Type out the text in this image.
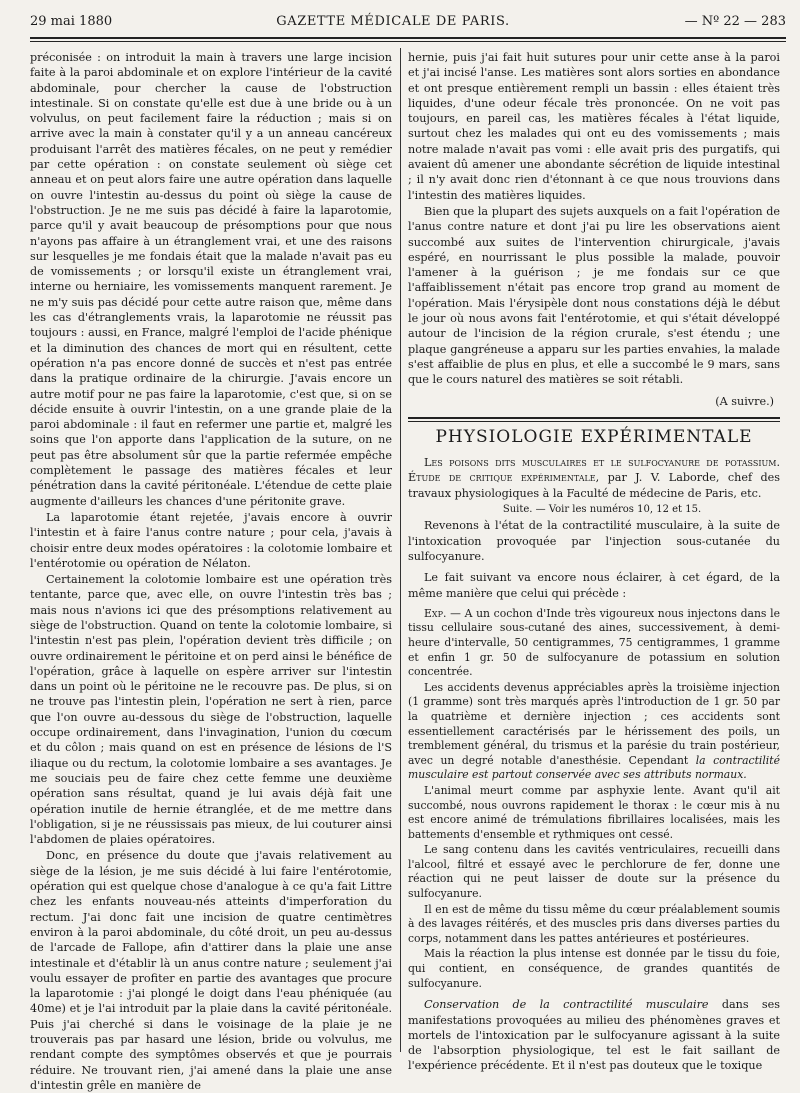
29 mai 1880	GAZETTE MÉDICALE DE PARIS.	— Nº 22 — 283

préconisée : on introduit la main à travers une large incision faite à la paroi abdominale et on explore l'intérieur de la cavité abdominale, pour chercher la cause de l'obstruction intestinale. Si on constate qu'elle est due à une bride ou à un volvulus, on peut facilement faire la réduction ; mais si on arrive avec la main à constater qu'il y a un anneau cancéreux produisant l'arrêt des matières fécales, on ne peut y remédier par cette opération : on constate seulement où siège cet anneau et on peut alors faire une autre opération dans laquelle on ouvre l'intestin au-dessus du point où siège la cause de l'obstruction. Je ne me suis pas décidé à faire la laparotomie, parce qu'il y avait beaucoup de présomptions pour que nous n'ayons pas affaire à un étranglement vrai, et une des raisons sur lesquelles je me fondais était que la malade n'avait pas eu de vomissements ; or lorsqu'il existe un étranglement vrai, interne ou herniaire, les vomissements manquent rarement. Je ne m'y suis pas décidé pour cette autre raison que, même dans les cas d'étranglements vrais, la laparotomie ne réussit pas toujours : aussi, en France, malgré l'emploi de l'acide phénique et la diminution des chances de mort qui en résultent, cette opération n'a pas encore donné de succès et n'est pas entrée dans la pratique ordinaire de la chirurgie. J'avais encore un autre motif pour ne pas faire la laparotomie, c'est que, si on se décide ensuite à ouvrir l'intestin, on a une grande plaie de la paroi abdominale : il faut en refermer une partie et, malgré les soins que l'on apporte dans l'application de la suture, on ne peut pas être absolument sûr que la partie refermée empêche complètement le passage des matières fécales et leur pénétration dans la cavité péritonéale. L'étendue de cette plaie augmente d'ailleurs les chances d'une péritonite grave.

La laparotomie étant rejetée, j'avais encore à ouvrir l'intestin et à faire l'anus contre nature ; pour cela, j'avais à choisir entre deux modes opératoires : la colotomie lombaire et l'entérotomie ou opération de Nélaton.

Certainement la colotomie lombaire est une opération très tentante, parce que, avec elle, on ouvre l'intestin très bas ; mais nous n'avions ici que des présomptions relativement au siège de l'obstruction. Quand on tente la colotomie lombaire, si l'intestin n'est pas plein, l'opération devient très difficile ; on ouvre ordinairement le péritoine et on perd ainsi le bénéfice de l'opération, grâce à laquelle on espère arriver sur l'intestin dans un point où le péritoine ne le recouvre pas. De plus, si on ne trouve pas l'intestin plein, l'opération ne sert à rien, parce que l'on ouvre au-dessous du siège de l'obstruction, laquelle occupe ordinairement, dans l'invagination, l'union du cœcum et du côlon ; mais quand on est en présence de lésions de l'S iliaque ou du rectum, la colotomie lombaire a ses avantages. Je me souciais peu de faire chez cette femme une deuxième opération sans résultat, quand je lui avais déjà fait une opération inutile de hernie étranglée, et de me mettre dans l'obligation, si je ne réussissais pas mieux, de lui couturer ainsi l'abdomen de plaies opératoires.

Donc, en présence du doute que j'avais relativement au siège de la lésion, je me suis décidé à lui faire l'entérotomie, opération qui est quelque chose d'analogue à ce qu'a fait Littre chez les enfants nouveau-nés atteints d'imperforation du rectum. J'ai donc fait une incision de quatre centimètres environ à la paroi abdominale, du côté droit, un peu au-dessus de l'arcade de Fallope, afin d'attirer dans la plaie une anse intestinale et d'établir là un anus contre nature ; seulement j'ai voulu essayer de profiter en partie des avantages que procure la laparotomie : j'ai plongé le doigt dans l'eau phéniquée (au 40me) et je l'ai introduit par la plaie dans la cavité péritonéale. Puis j'ai cherché si dans le voisinage de la plaie je ne trouverais pas par hasard une lésion, bride ou volvulus, me rendant compte des symptômes observés et que je pourrais réduire. Ne trouvant rien, j'ai amené dans la plaie une anse d'intestin grêle en manière de

hernie, puis j'ai fait huit sutures pour unir cette anse à la paroi et j'ai incisé l'anse. Les matières sont alors sorties en abondance et ont presque entièrement rempli un bassin : elles étaient très liquides, d'une odeur fécale très prononcée. On ne voit pas toujours, en pareil cas, les matières fécales à l'état liquide, surtout chez les malades qui ont eu des vomissements ; mais notre malade n'avait pas vomi : elle avait pris des purgatifs, qui avaient dû amener une abondante sécrétion de liquide intestinal ; il n'y avait donc rien d'étonnant à ce que nous trouvions dans l'intestin des matières liquides.

Bien que la plupart des sujets auxquels on a fait l'opération de l'anus contre nature et dont j'ai pu lire les observations aient succombé aux suites de l'intervention chirurgicale, j'avais espéré, en nourrissant le plus possible la malade, pouvoir l'amener à la guérison ; je me fondais sur ce que l'affaiblissement n'était pas encore trop grand au moment de l'opération. Mais l'érysipèle dont nous constations déjà le début le jour où nous avons fait l'entérotomie, et qui s'était développé autour de l'incision de la région crurale, s'est étendu ; une plaque gangréneuse a apparu sur les parties envahies, la malade s'est affaiblie de plus en plus, et elle a succombé le 9 mars, sans que le cours naturel des matières se soit rétabli.

(A suivre.)
PHYSIOLOGIE EXPÉRIMENTALE

Les poisons dits musculaires et le sulfocyanure de potassium. Étude de critique expérimentale, par J. V. Laborde, chef des travaux physiologiques à la Faculté de médecine de Paris, etc.

Suite. — Voir les numéros 10, 12 et 15.

Revenons à l'état de la contractilité musculaire, à la suite de l'intoxication provoquée par l'injection sous-cutanée du sulfocyanure.

Le fait suivant va encore nous éclairer, à cet égard, de la même manière que celui qui précède :

Exp. — A un cochon d'Inde très vigoureux nous injectons dans le tissu cellulaire sous-cutané des aines, successivement, à demi-heure d'intervalle, 50 centigrammes, 75 centigrammes, 1 gramme et enfin 1 gr. 50 de sulfocyanure de potassium en solution concentrée.

Les accidents devenus appréciables après la troisième injection (1 gramme) sont très marqués après l'introduction de 1 gr. 50 par la quatrième et dernière injection ; ces accidents sont essentiellement caractérisés par le hérissement des poils, un tremblement général, du trismus et la parésie du train postérieur, avec un degré notable d'anesthésie. Cependant la contractilité musculaire est partout conservée avec ses attributs normaux.

L'animal meurt comme par asphyxie lente. Avant qu'il ait succombé, nous ouvrons rapidement le thorax : le cœur mis à nu est encore animé de trémulations fibrillaires localisées, mais les battements d'ensemble et rythmiques ont cessé.

Le sang contenu dans les cavités ventriculaires, recueilli dans l'alcool, filtré et essayé avec le perchlorure de fer, donne une réaction qui ne peut laisser de doute sur la présence du sulfocyanure.

Il en est de même du tissu même du cœur préalablement soumis à des lavages réitérés, et des muscles pris dans diverses parties du corps, notamment dans les pattes antérieures et postérieures.

Mais la réaction la plus intense est donnée par le tissu du foie, qui contient, en conséquence, de grandes quantités de sulfocyanure.

Conservation de la contractilité musculaire dans ses manifestations provoquées au milieu des phénomènes graves et mortels de l'intoxication par le sulfocyanure agissant à la suite de l'absorption physiologique, tel est le fait saillant de l'expérience précédente. Et il n'est pas douteux que le toxique
